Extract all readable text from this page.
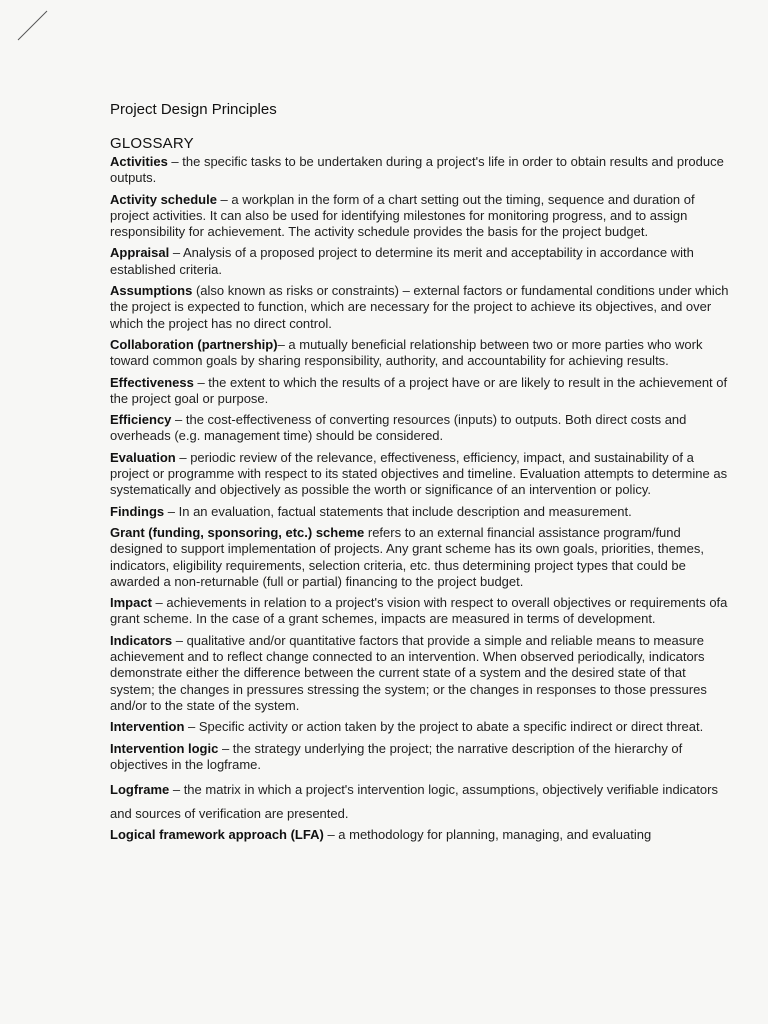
Project Design Principles
GLOSSARY

Activities – the specific tasks to be undertaken during a project's life in order to obtain results and produce outputs.

Activity schedule – a workplan in the form of a chart setting out the timing, sequence and duration of project activities. It can also be used for identifying milestones for monitoring progress, and to assign responsibility for achievement. The activity schedule provides the basis for the project budget.

Appraisal – Analysis of a proposed project to determine its merit and acceptability in accordance with established criteria.

Assumptions (also known as risks or constraints) – external factors or fundamental conditions under which the project is expected to function, which are necessary for the project to achieve its objectives, and over which the project has no direct control.

Collaboration (partnership)– a mutually beneficial relationship between two or more parties who work toward common goals by sharing responsibility, authority, and accountability for achieving results.

Effectiveness – the extent to which the results of a project have or are likely to result in the achievement of the project goal or purpose.

Efficiency – the cost-effectiveness of converting resources (inputs) to outputs. Both direct costs and overheads (e.g. management time) should be considered.

Evaluation – periodic review of the relevance, effectiveness, efficiency, impact, and sustainability of a project or programme with respect to its stated objectives and timeline. Evaluation attempts to determine as systematically and objectively as possible the worth or significance of an intervention or policy.

Findings – In an evaluation, factual statements that include description and measurement.

Grant (funding, sponsoring, etc.) scheme refers to an external financial assistance program/fund designed to support implementation of projects. Any grant scheme has its own goals, priorities, themes, indicators, eligibility requirements, selection criteria, etc. thus determining project types that could be awarded a non-returnable (full or partial) financing to the project budget.

Impact – achievements in relation to a project's vision with respect to overall objectives or requirements ofa grant scheme. In the case of a grant schemes, impacts are measured in terms of development.

Indicators – qualitative and/or quantitative factors that provide a simple and reliable means to measure achievement and to reflect change connected to an intervention. When observed periodically, indicators demonstrate either the difference between the current state of a system and the desired state of that system; the changes in pressures stressing the system; or the changes in responses to those pressures and/or to the state of the system.

Intervention – Specific activity or action taken by the project to abate a specific indirect or direct threat.

Intervention logic – the strategy underlying the project; the narrative description of the hierarchy of objectives in the logframe.

Logframe – the matrix in which a project's intervention logic, assumptions, objectively verifiable indicators and sources of verification are presented.

Logical framework approach (LFA) – a methodology for planning, managing, and evaluating
